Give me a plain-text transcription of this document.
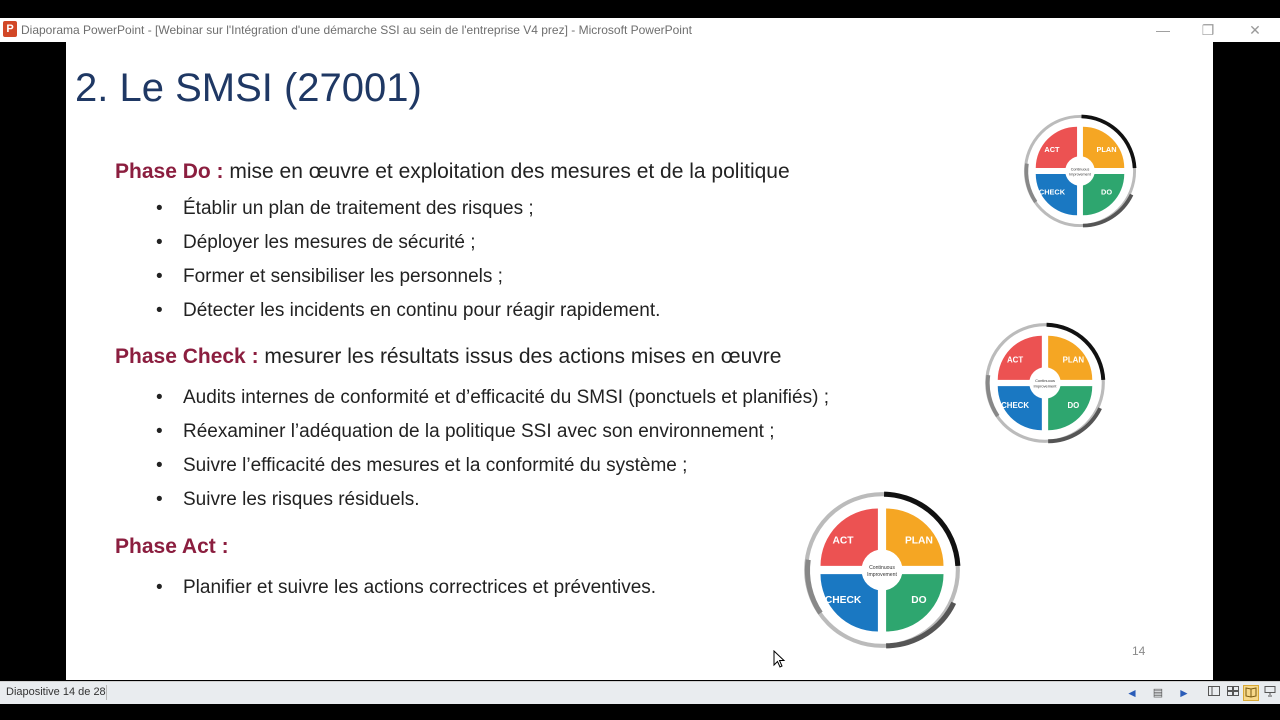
P Diaporama PowerPoint - [Webinar sur l'Intégration d'une démarche SSI au sein de l'entreprise V4 prez] - Microsoft PowerPoint	—	❐	✕
2. Le SMSI (27001)
Phase Do : mise en œuvre et exploitation des mesures et de la politique
• Établir un plan de traitement des risques ;
• Déployer les mesures de sécurité ;
• Former et sensibiliser les personnels ;
• Détecter les incidents en continu pour réagir rapidement.
Phase Check : mesurer les résultats issus des actions mises en œuvre
• Audits internes de conformité et d’efficacité du SMSI (ponctuels et planifiés) ;
• Réexaminer l’adéquation de la politique SSI avec son environnement ;
• Suivre l’efficacité des mesures et la conformité du système ;
• Suivre les risques résiduels.
Phase Act :
• Planifier et suivre les actions correctrices et préventives.
ACT	PLAN
CHECK	DO
Continuous
Improvement
ACT	PLAN
CHECK	DO
Continuous
Improvement
ACT	PLAN
CHECK	DO
Continuous
Improvement
14
Diapositive 14 de 28	◄ ▤ ►
